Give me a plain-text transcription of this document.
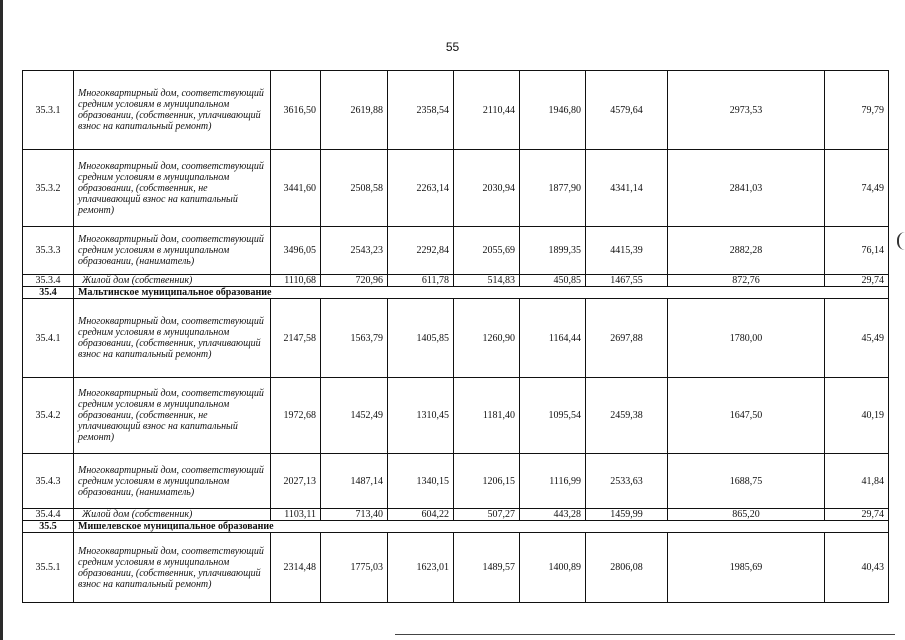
55
35.3.1	Многоквартирный дом, соответствующий средним условиям в муниципальном образовании, (собственник, уплачивающий взнос на капитальный ремонт)	3616,50	2619,88	2358,54	2110,44	1946,80	4579,64	2973,53	79,79
35.3.2	Многоквартирный дом, соответствующий средним условиям в муниципальном образовании, (собственник, не уплачивающий взнос на капитальный ремонт)	3441,60	2508,58	2263,14	2030,94	1877,90	4341,14	2841,03	74,49
35.3.3	Многоквартирный дом, соответствующий средним условиям в муниципальном образовании, (наниматель)	3496,05	2543,23	2292,84	2055,69	1899,35	4415,39	2882,28	76,14
35.3.4	Жилой дом (собственник)	1110,68	720,96	611,78	514,83	450,85	1467,55	872,76	29,74
35.4	Мальтинское муниципальное образование								
35.4.1	Многоквартирный дом, соответствующий средним условиям в муниципальном образовании, (собственник, уплачивающий взнос на капитальный ремонт)	2147,58	1563,79	1405,85	1260,90	1164,44	2697,88	1780,00	45,49
35.4.2	Многоквартирный дом, соответствующий средним условиям в муниципальном образовании, (собственник, не уплачивающий взнос на капитальный ремонт)	1972,68	1452,49	1310,45	1181,40	1095,54	2459,38	1647,50	40,19
35.4.3	Многоквартирный дом, соответствующий средним условиям в муниципальном образовании, (наниматель)	2027,13	1487,14	1340,15	1206,15	1116,99	2533,63	1688,75	41,84
35.4.4	Жилой дом (собственник)	1103,11	713,40	604,22	507,27	443,28	1459,99	865,20	29,74
35.5	Мишелевское муниципальное образование								
35.5.1	Многоквартирный дом, соответствующий средним условиям в муниципальном образовании, (собственник, уплачивающий взнос на капитальный ремонт)	2314,48	1775,03	1623,01	1489,57	1400,89	2806,08	1985,69	40,43
